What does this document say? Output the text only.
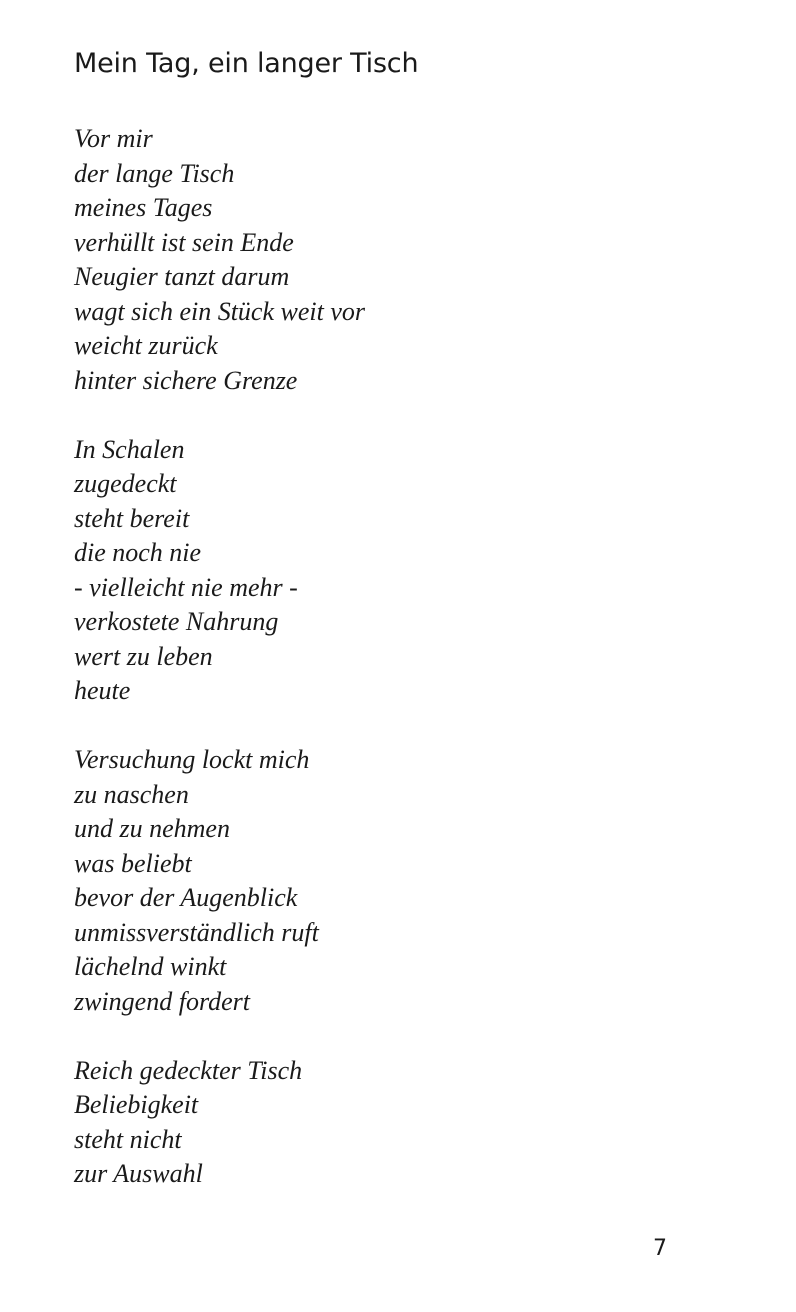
Mein Tag, ein langer Tisch
Vor mir
der lange Tisch
meines Tages
verhüllt ist sein Ende
Neugier tanzt darum
wagt sich ein Stück weit vor
weicht zurück
hinter sichere Grenze
In Schalen
zugedeckt
steht bereit
die noch nie
- vielleicht nie mehr -
verkostete Nahrung
wert zu leben
heute
Versuchung lockt mich
zu naschen
und zu nehmen
was beliebt
bevor der Augenblick
unmissverständlich ruft
lächelnd winkt
zwingend fordert
Reich gedeckter Tisch
Beliebigkeit
steht nicht
zur Auswahl
7
